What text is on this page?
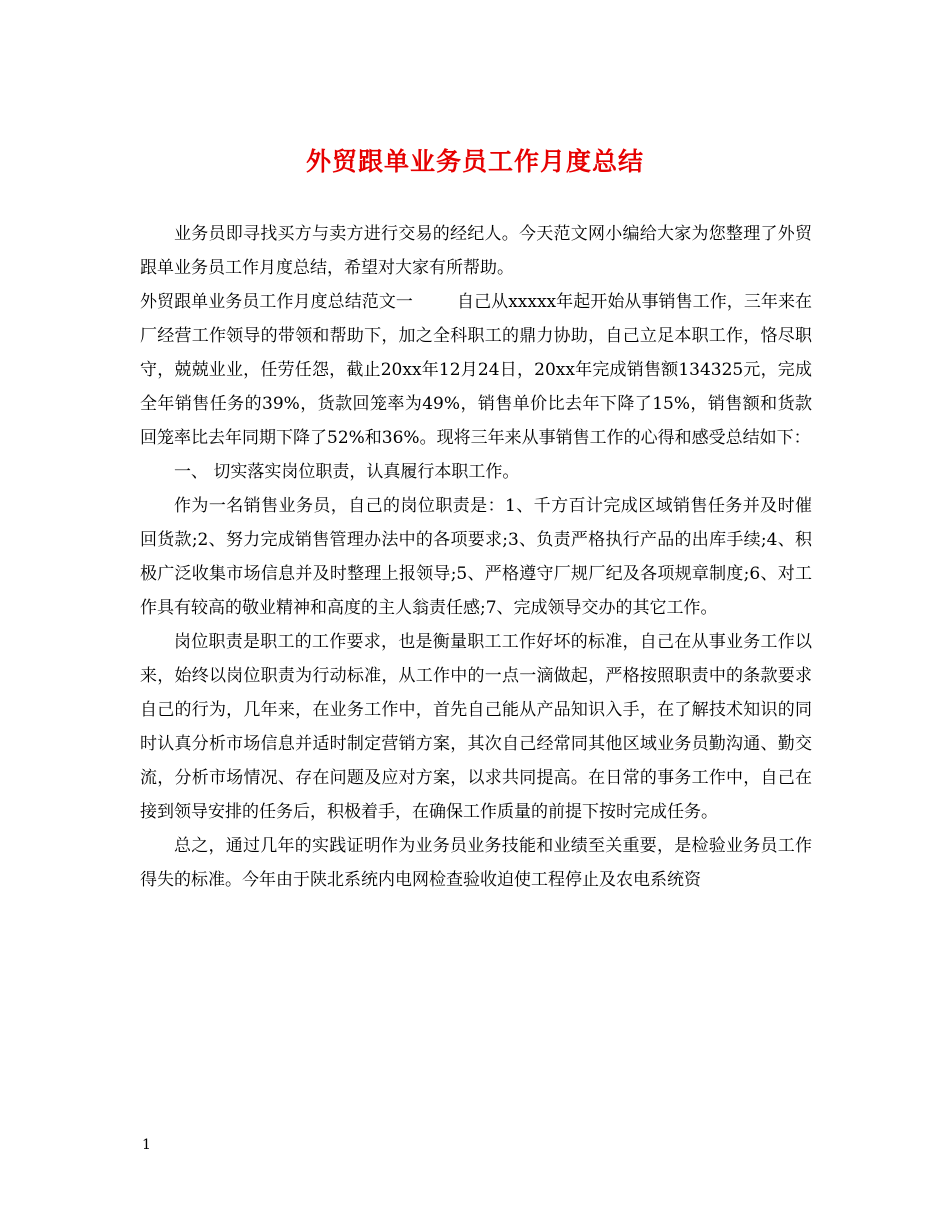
外贸跟单业务员工作月度总结

业务员即寻找买方与卖方进行交易的经纪人。今天范文网小编给大家为您整理了外贸跟单业务员工作月度总结，希望对大家有所帮助。

外贸跟单业务员工作月度总结范文一	自己从xxxxx年起开始从事销售工作，三年来在厂经营工作领导的带领和帮助下，加之全科职工的鼎力协助，自己立足本职工作，恪尽职守，兢兢业业，任劳任怨，截止20xx年12月24日，20xx年完成销售额134325元，完成全年销售任务的39%，货款回笼率为49%，销售单价比去年下降了15%，销售额和货款回笼率比去年同期下降了52%和36%。现将三年来从事销售工作的心得和感受总结如下：

一、 切实落实岗位职责，认真履行本职工作。

作为一名销售业务员，自己的岗位职责是：1、千方百计完成区域销售任务并及时催回货款;2、努力完成销售管理办法中的各项要求;3、负责严格执行产品的出库手续;4、积极广泛收集市场信息并及时整理上报领导;5、严格遵守厂规厂纪及各项规章制度;6、对工作具有较高的敬业精神和高度的主人翁责任感;7、完成领导交办的其它工作。

岗位职责是职工的工作要求，也是衡量职工工作好坏的标准，自己在从事业务工作以来，始终以岗位职责为行动标准，从工作中的一点一滴做起，严格按照职责中的条款要求自己的行为，几年来，在业务工作中，首先自己能从产品知识入手，在了解技术知识的同时认真分析市场信息并适时制定营销方案，其次自己经常同其他区域业务员勤沟通、勤交流，分析市场情况、存在问题及应对方案，以求共同提高。在日常的事务工作中，自己在接到领导安排的任务后，积极着手，在确保工作质量的前提下按时完成任务。

总之，通过几年的实践证明作为业务员业务技能和业绩至关重要，是检验业务员工作得失的标准。今年由于陕北系统内电网检查验收迫使工程停止及农电系统资

1
